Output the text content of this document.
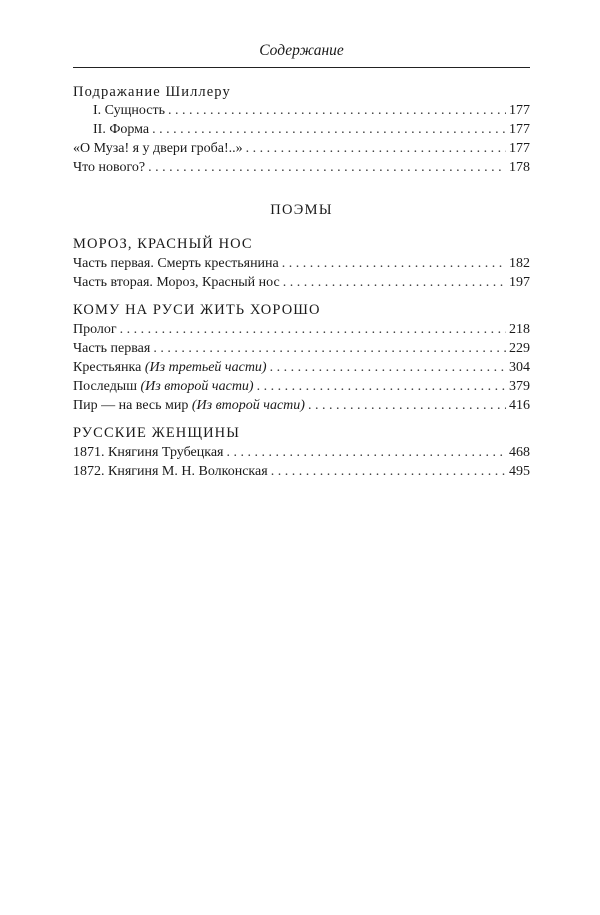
Содержание
Подражание Шиллеру
I. Сущность . . .	177
II. Форма . . .	177
«О Муза! я у двери гроба!..» . . .	177
Что нового? . . .	178
ПОЭМЫ
МОРОЗ, КРАСНЫЙ НОС
Часть первая. Смерть крестьянина . . .	182
Часть вторая. Мороз, Красный нос . . .	197
КОМУ НА РУСИ ЖИТЬ ХОРОШО
Пролог . . .	218
Часть первая . . .	229
Крестьянка (Из третьей части) . . .	304
Последыш (Из второй части) . . .	379
Пир — на весь мир (Из второй части) . . .	416
РУССКИЕ ЖЕНЩИНЫ
1871. Княгиня Трубецкая . . .	468
1872. Княгиня М. Н. Волконская . . .	495
